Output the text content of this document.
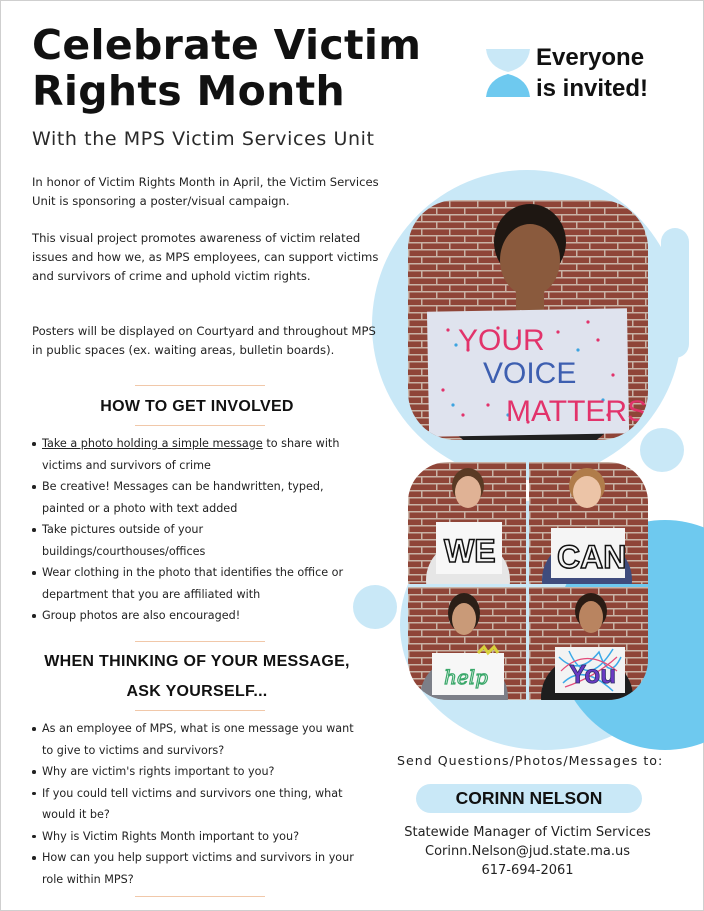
Celebrate Victim
Rights Month
With the MPS Victim Services Unit
Everyone
is invited!

In honor of Victim Rights Month in April, the Victim Services Unit is sponsoring a poster/visual campaign.

This visual project promotes awareness of victim related issues and how we, as MPS employees, can support victims and survivors of crime and uphold victim rights.

Posters will be displayed on Courtyard and throughout MPS in public spaces (ex. waiting areas, bulletin boards).

HOW TO GET INVOLVED
Take a photo holding a simple message to share with victims and survivors of crime
Be creative! Messages can be handwritten, typed, painted or a photo with text added
Take pictures outside of your buildings/courthouses/offices
Wear clothing in the photo that identifies the office or department that you are affiliated with
Group photos are also encouraged!
WHEN THINKING OF YOUR MESSAGE,
ASK YOURSELF...
As an employee of MPS, what is one message you want to give to victims and survivors?
Why are victim's rights important to you?
If you could tell victims and survivors one thing, what would it be?
Why is Victim Rights Month important to you?
How can you help support victims and survivors in your role within MPS?
YOUR
VOICE
MATTERS
WE CAN
help	You
Send Questions/Photos/Messages to:
CORINN NELSON
Statewide Manager of Victim Services
Corinn.Nelson@jud.state.ma.us
617-694-2061
